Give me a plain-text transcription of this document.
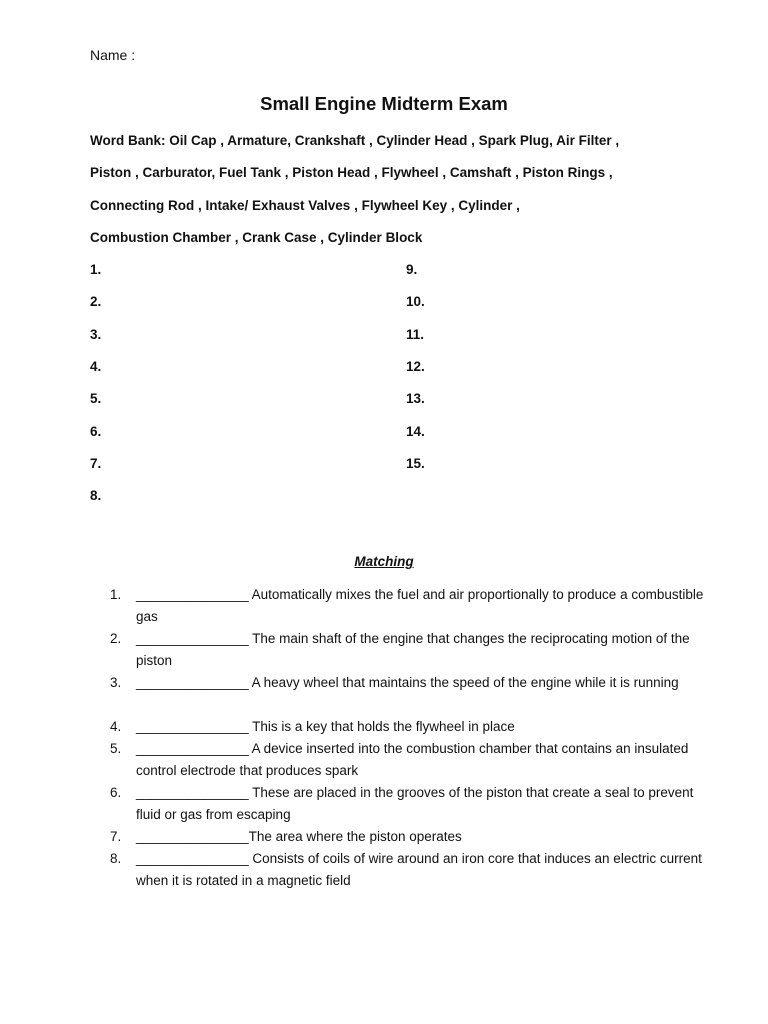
Name :
Small Engine Midterm Exam
Word Bank: Oil Cap , Armature, Crankshaft , Cylinder Head , Spark Plug, Air Filter ,
Piston , Carburator, Fuel Tank , Piston Head , Flywheel , Camshaft , Piston Rings ,
Connecting Rod , Intake/ Exhaust Valves , Flywheel Key , Cylinder ,
Combustion Chamber , Crank Case , Cylinder Block
1.
2.
3.
4.
5.
6.
7.
8.
9.
10.
11.
12.
13.
14.
15.
Matching
1.	_______________ Automatically mixes the fuel and air proportionally to produce a combustible gas
2.	_______________ The main shaft of the engine that changes the reciprocating motion of the piston
3.	_______________ A heavy wheel that maintains the speed of the engine while it is running
4.	_______________ This is a key that holds the flywheel in place
5.	_______________ A device inserted into the combustion chamber that contains an insulated control electrode that produces spark
6.	_______________ These are placed in the grooves of the piston that create a seal to prevent fluid or gas from escaping
7.	_______________The area where the piston operates
8.	_______________ Consists of coils of wire around an iron core that induces an electric current when it is rotated in a magnetic field
